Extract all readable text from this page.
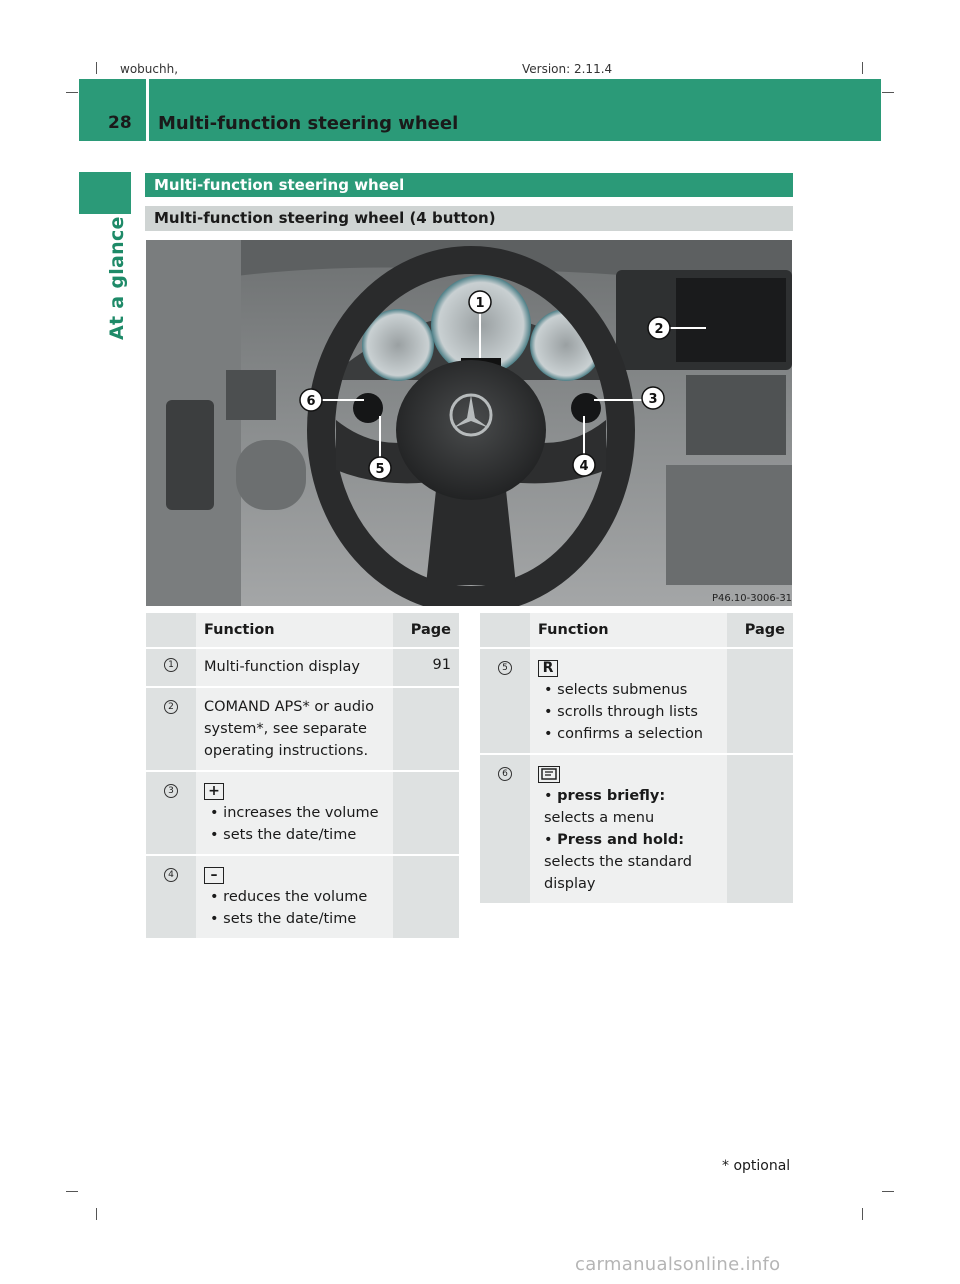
wobuchh,	Version: 2.11.4
28 Multi-function steering wheel
At a glance
Multi-function steering wheel
Multi-function steering wheel (4 button)
1
2
3
4
5
6
P46.10-3006-31
	Function	Page
1	Multi-function display	91

2	COMAND APS* or audio system*, see separate operating instructions.	

3	+
• increases the volume
• sets the date/time	

4	–
• reduces the volume
• sets the date/time	

	Function	Page
5	R
• selects submenus
• scrolls through lists
• confirms a selection	

6	• press briefly: selects a menu
• Press and hold: selects the standard display	

* optional
carmanualsonline.info
